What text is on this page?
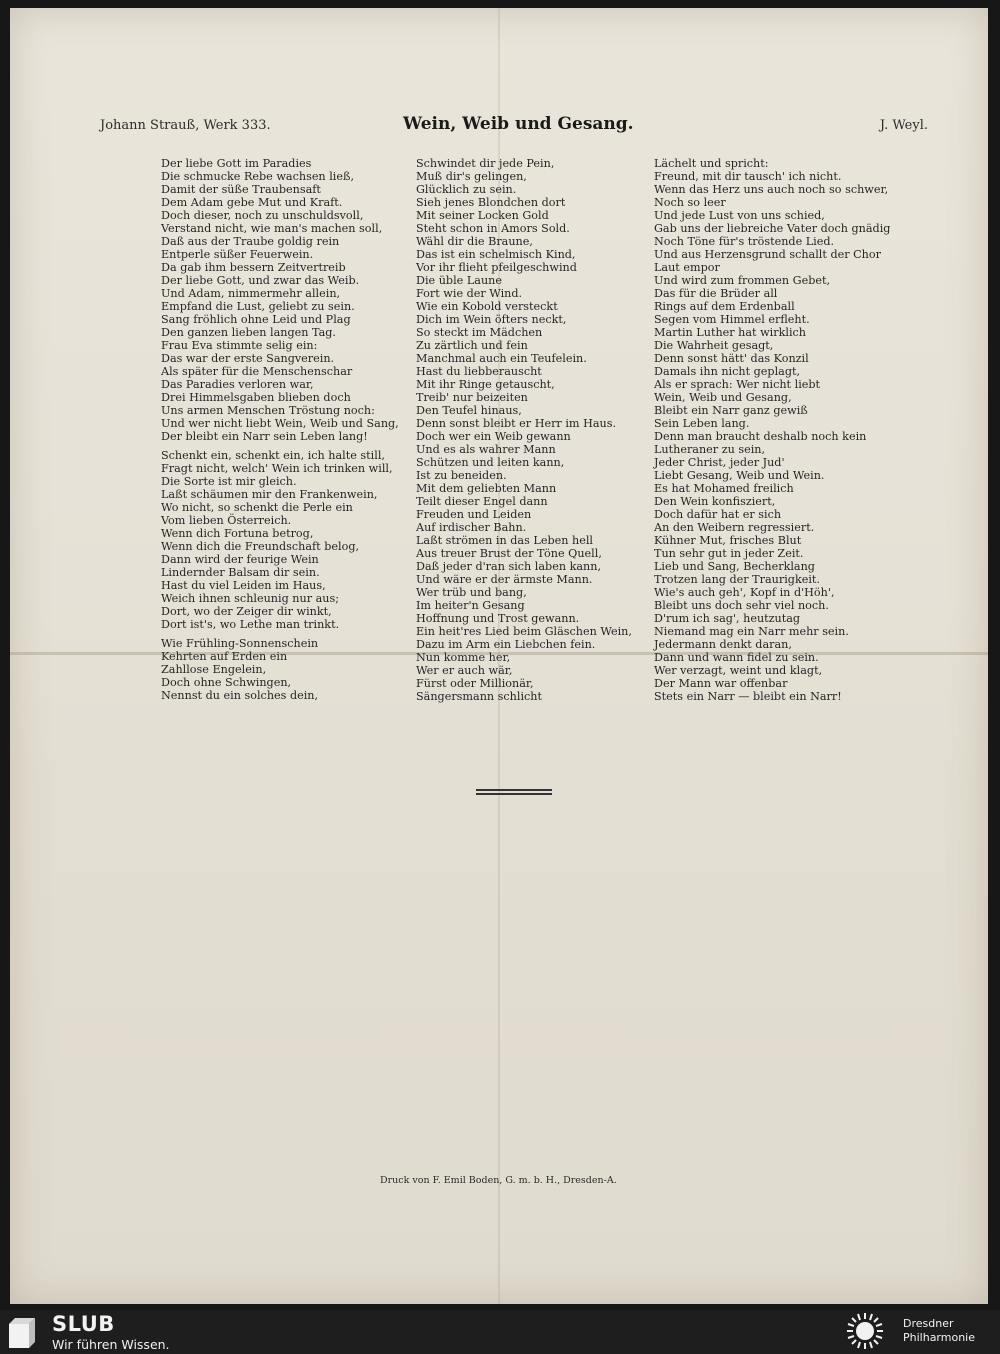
Johann Strauß, Werk 333.	Wein, Weib und Gesang.	J. Weyl.
Der liebe Gott im Paradies
Die schmucke Rebe wachsen ließ,
Damit der süße Traubensaft
Dem Adam gebe Mut und Kraft.
Doch dieser, noch zu unschuldsvoll,
Verstand nicht, wie man's machen soll,
Daß aus der Traube goldig rein
Entperle süßer Feuerwein.
Da gab ihm bessern Zeitvertreib
Der liebe Gott, und zwar das Weib.
Und Adam, nimmermehr allein,
Empfand die Lust, geliebt zu sein.
Sang fröhlich ohne Leid und Plag
Den ganzen lieben langen Tag.
Frau Eva stimmte selig ein:
Das war der erste Sangverein.
Als später für die Menschenschar
Das Paradies verloren war,
Drei Himmelsgaben blieben doch
Uns armen Menschen Tröstung noch:
Und wer nicht liebt Wein, Weib und Sang,
Der bleibt ein Narr sein Leben lang!
Schenkt ein, schenkt ein, ich halte still,
Fragt nicht, welch' Wein ich trinken will,
Die Sorte ist mir gleich.
Laßt schäumen mir den Frankenwein,
Wo nicht, so schenkt die Perle ein
Vom lieben Österreich.
Wenn dich Fortuna betrog,
Wenn dich die Freundschaft belog,
Dann wird der feurige Wein
Lindernder Balsam dir sein.
Hast du viel Leiden im Haus,
Weich ihnen schleunig nur aus;
Dort, wo der Zeiger dir winkt,
Dort ist's, wo Lethe man trinkt.
Wie Frühling-Sonnenschein
Kehrten auf Erden ein
Zahllose Engelein,
Doch ohne Schwingen,
Nennst du ein solches dein,
Schwindet dir jede Pein,
Muß dir's gelingen,
Glücklich zu sein.
Sieh jenes Blondchen dort
Mit seiner Locken Gold
Steht schon in Amors Sold.
Wähl dir die Braune,
Das ist ein schelmisch Kind,
Vor ihr flieht pfeilgeschwind
Die üble Laune
Fort wie der Wind.
Wie ein Kobold versteckt
Dich im Wein öfters neckt,
So steckt im Mädchen
Zu zärtlich und fein
Manchmal auch ein Teufelein.
Hast du liebberauscht
Mit ihr Ringe getauscht,
Treib' nur beizeiten
Den Teufel hinaus,
Denn sonst bleibt er Herr im Haus.
Doch wer ein Weib gewann
Und es als wahrer Mann
Schützen und leiten kann,
Ist zu beneiden.
Mit dem geliebten Mann
Teilt dieser Engel dann
Freuden und Leiden
Auf irdischer Bahn.
Laßt strömen in das Leben hell
Aus treuer Brust der Töne Quell,
Daß jeder d'ran sich laben kann,
Und wäre er der ärmste Mann.
Wer trüb und bang,
Im heiter'n Gesang
Hoffnung und Trost gewann.
Ein heit'res Lied beim Gläschen Wein,
Dazu im Arm ein Liebchen fein.
Nun komme her,
Wer er auch wär,
Fürst oder Millionär,
Sängersmann schlicht
Lächelt und spricht:
Freund, mit dir tausch' ich nicht.
Wenn das Herz uns auch noch so schwer,
Noch so leer
Und jede Lust von uns schied,
Gab uns der liebreiche Vater doch gnädig
Noch Töne für's tröstende Lied.
Und aus Herzensgrund schallt der Chor
Laut empor
Und wird zum frommen Gebet,
Das für die Brüder all
Rings auf dem Erdenball
Segen vom Himmel erfleht.
Martin Luther hat wirklich
Die Wahrheit gesagt,
Denn sonst hätt' das Konzil
Damals ihn nicht geplagt,
Als er sprach: Wer nicht liebt
Wein, Weib und Gesang,
Bleibt ein Narr ganz gewiß
Sein Leben lang.
Denn man braucht deshalb noch kein
Lutheraner zu sein,
Jeder Christ, jeder Jud'
Liebt Gesang, Weib und Wein.
Es hat Mohamed freilich
Den Wein konfisziert,
Doch dafür hat er sich
An den Weibern regressiert.
Kühner Mut, frisches Blut
Tun sehr gut in jeder Zeit.
Lieb und Sang, Becherklang
Trotzen lang der Traurigkeit.
Wie's auch geh', Kopf in d'Höh',
Bleibt uns doch sehr viel noch.
D'rum ich sag', heutzutag
Niemand mag ein Narr mehr sein.
Jedermann denkt daran,
Dann und wann fidel zu sein.
Wer verzagt, weint und klagt,
Der Mann war offenbar
Stets ein Narr — bleibt ein Narr!
Druck von F. Emil Boden, G. m. b. H., Dresden-A.
SLUB
Wir führen Wissen.
Dresdner
Philharmonie
